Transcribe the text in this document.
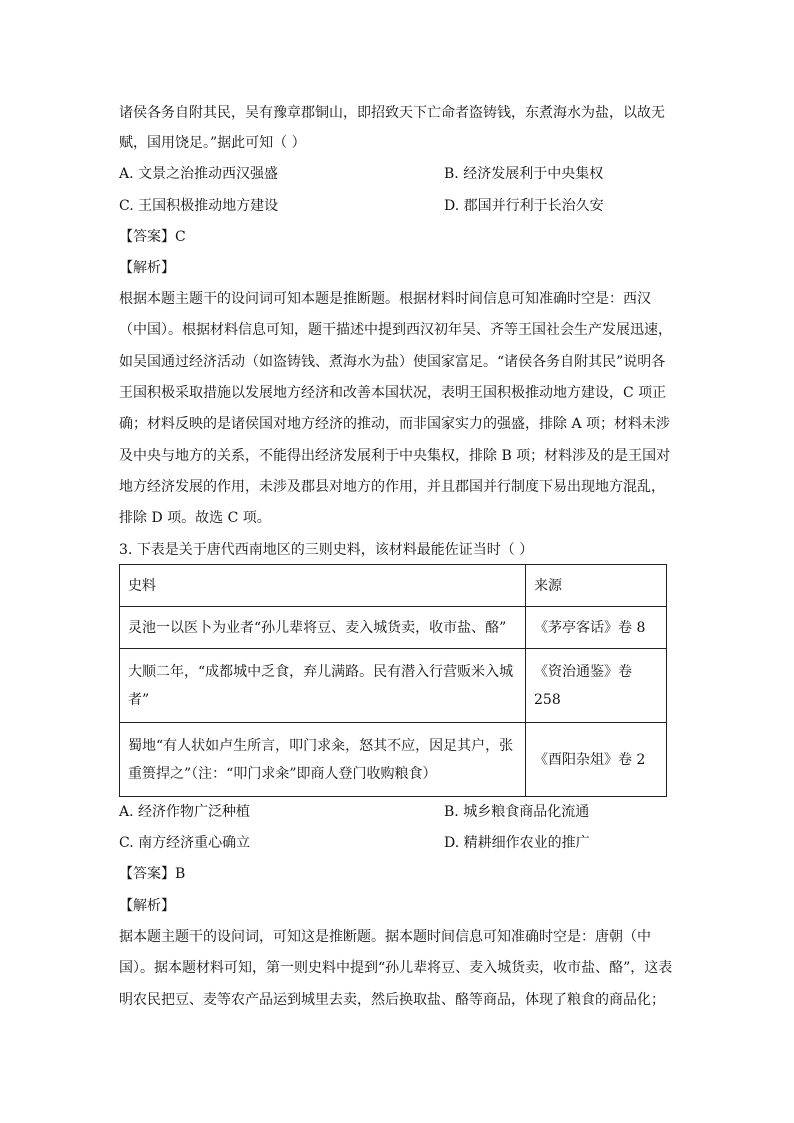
诸侯各务自附其民，吴有豫章郡铜山，即招致天下亡命者盗铸钱，东煮海水为盐，以故无
赋，国用饶足。”据此可知（ ）
A. 文景之治推动西汉强盛	B. 经济发展利于中央集权
C. 王国积极推动地方建设	D. 郡国并行利于长治久安
【答案】C
【解析】
根据本题主题干的设问词可知本题是推断题。根据材料时间信息可知准确时空是：西汉
（中国）。根据材料信息可知，题干描述中提到西汉初年吴、齐等王国社会生产发展迅速，
如吴国通过经济活动（如盗铸钱、煮海水为盐）使国家富足。“诸侯各务自附其民”说明各
王国积极采取措施以发展地方经济和改善本国状况，表明王国积极推动地方建设，C 项正
确；材料反映的是诸侯国对地方经济的推动，而非国家实力的强盛，排除 A 项；材料未涉
及中央与地方的关系，不能得出经济发展利于中央集权，排除 B 项；材料涉及的是王国对
地方经济发展的作用，未涉及郡县对地方的作用，并且郡国并行制度下易出现地方混乱，
排除 D 项。故选 C 项。
3. 下表是关于唐代西南地区的三则史料，该材料最能佐证当时（ ）
史料	来源
灵池一以医卜为业者“孙儿辈将豆、麦入城货卖，收市盐、酪”	《茅亭客话》卷 8

大顺二年，“成都城中乏食，弃儿满路。民有潜入行营贩米入城者”	《资治通鉴》卷 258

蜀地“有人状如卢生所言，叩门求籴，怒其不应，因足其户，张重篑捍之”（注：“叩门求籴”即商人登门收购粮食）	《酉阳杂俎》卷 2
A. 经济作物广泛种植	B. 城乡粮食商品化流通
C. 南方经济重心确立	D. 精耕细作农业的推广
【答案】B
【解析】
据本题主题干的设问词，可知这是推断题。据本题时间信息可知准确时空是：唐朝（中
国）。据本题材料可知，第一则史料中提到“孙儿辈将豆、麦入城货卖，收市盐、酪”，这表
明农民把豆、麦等农产品运到城里去卖，然后换取盐、酪等商品，体现了粮食的商品化；
